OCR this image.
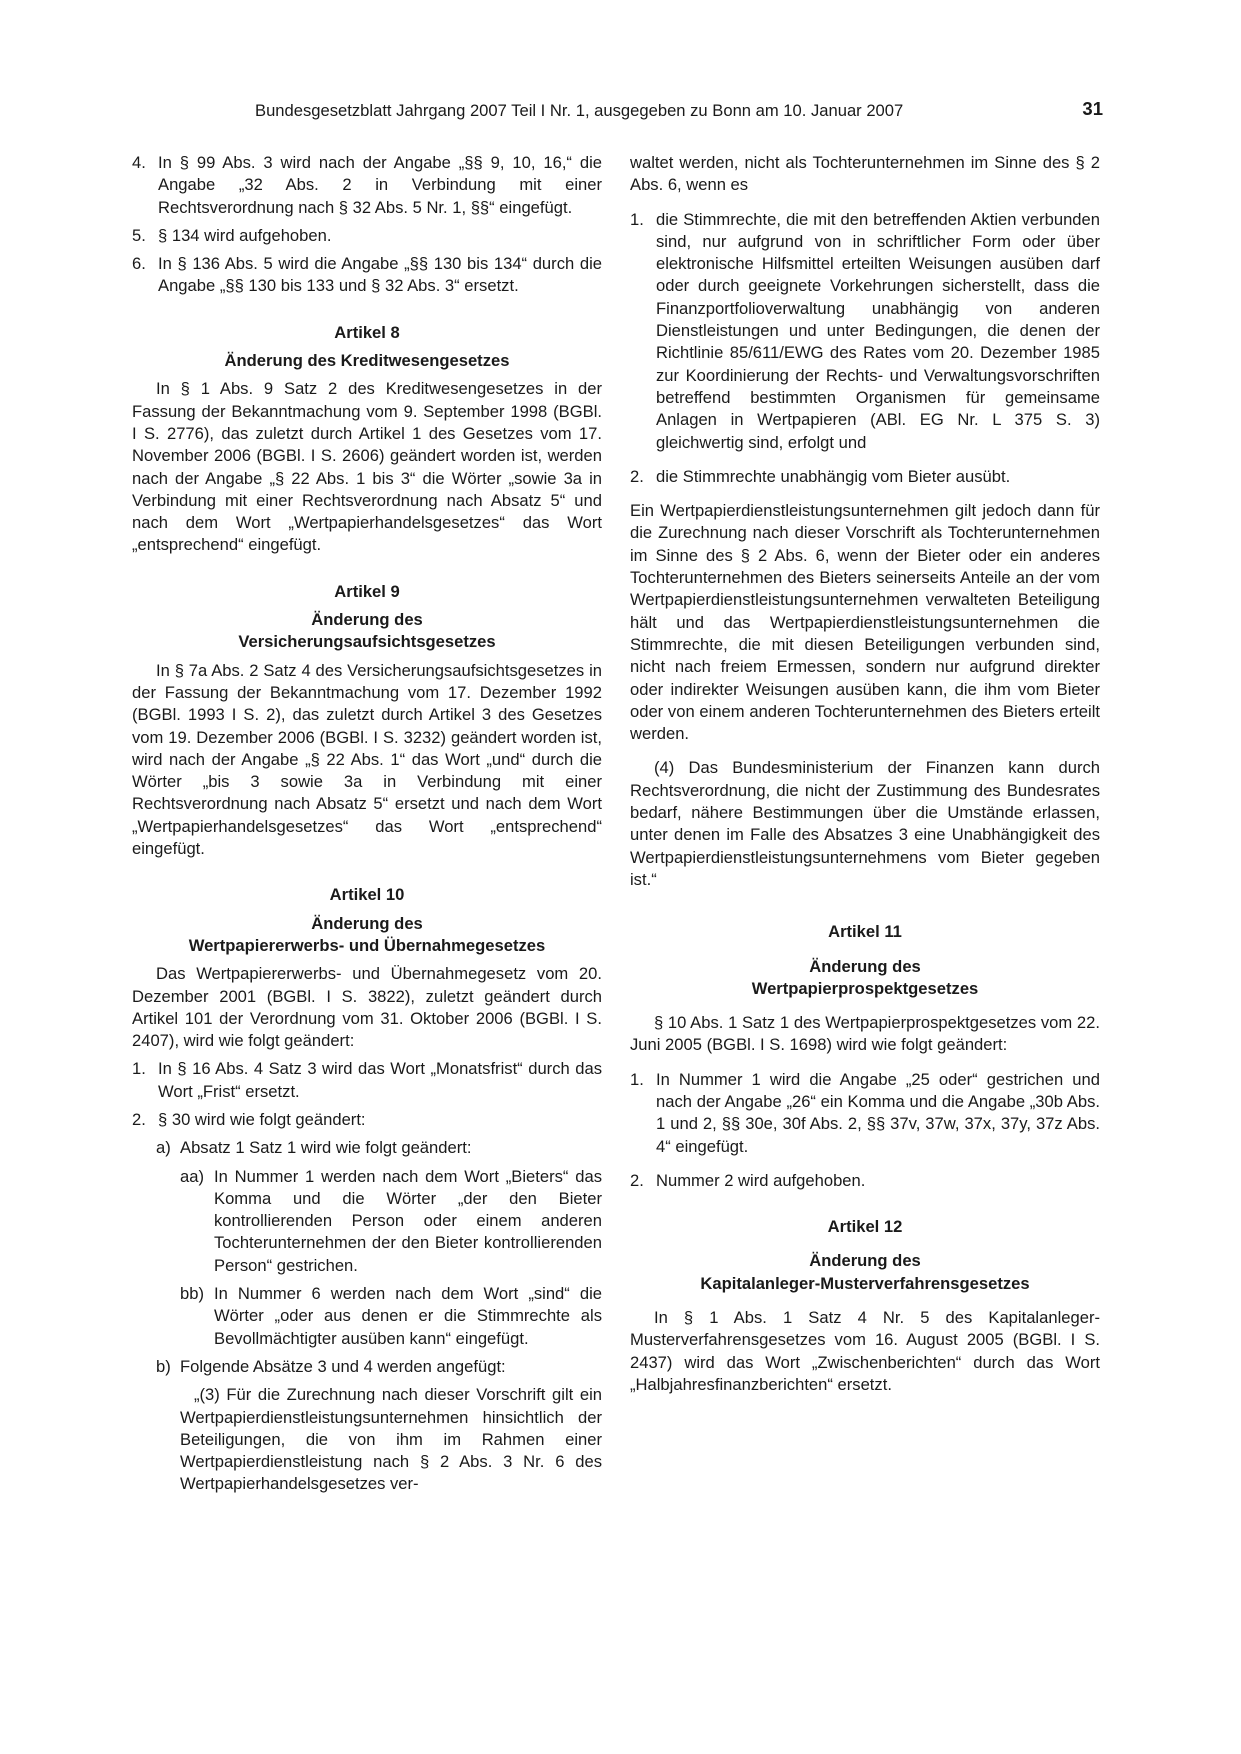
Bundesgesetzblatt Jahrgang 2007 Teil I Nr. 1, ausgegeben zu Bonn am 10. Januar 2007	31
4. In § 99 Abs. 3 wird nach der Angabe „§§ 9, 10, 16,“ die Angabe „32 Abs. 2 in Verbindung mit einer Rechtsverordnung nach § 32 Abs. 5 Nr. 1, §§“ eingefügt.
5. § 134 wird aufgehoben.
6. In § 136 Abs. 5 wird die Angabe „§§ 130 bis 134“ durch die Angabe „§§ 130 bis 133 und § 32 Abs. 3“ ersetzt.

Artikel 8

Änderung des Kreditwesengesetzes

In § 1 Abs. 9 Satz 2 des Kreditwesengesetzes in der Fassung der Bekanntmachung vom 9. September 1998 (BGBl. I S. 2776), das zuletzt durch Artikel 1 des Gesetzes vom 17. November 2006 (BGBl. I S. 2606) geändert worden ist, werden nach der Angabe „§ 22 Abs. 1 bis 3“ die Wörter „sowie 3a in Verbindung mit einer Rechtsverordnung nach Absatz 5“ und nach dem Wort „Wertpapierhandelsgesetzes“ das Wort „entsprechend“ eingefügt.

Artikel 9

Änderung des

Versicherungsaufsichtsgesetzes

In § 7a Abs. 2 Satz 4 des Versicherungsaufsichtsgesetzes in der Fassung der Bekanntmachung vom 17. Dezember 1992 (BGBl. 1993 I S. 2), das zuletzt durch Artikel 3 des Gesetzes vom 19. Dezember 2006 (BGBl. I S. 3232) geändert worden ist, wird nach der Angabe „§ 22 Abs. 1“ das Wort „und“ durch die Wörter „bis 3 sowie 3a in Verbindung mit einer Rechtsverordnung nach Absatz 5“ ersetzt und nach dem Wort „Wertpapierhandelsgesetzes“ das Wort „entsprechend“ eingefügt.

Artikel 10

Änderung des

Wertpapiererwerbs- und Übernahmegesetzes

Das Wertpapiererwerbs- und Übernahmegesetz vom 20. Dezember 2001 (BGBl. I S. 3822), zuletzt geändert durch Artikel 101 der Verordnung vom 31. Oktober 2006 (BGBl. I S. 2407), wird wie folgt geändert:

1. In § 16 Abs. 4 Satz 3 wird das Wort „Monatsfrist“ durch das Wort „Frist“ ersetzt.
2. § 30 wird wie folgt geändert:
a) Absatz 1 Satz 1 wird wie folgt geändert:
aa) In Nummer 1 werden nach dem Wort „Bieters“ das Komma und die Wörter „der den Bieter kontrollierenden Person oder einem anderen Tochterunternehmen der den Bieter kontrollierenden Person“ gestrichen.
bb) In Nummer 6 werden nach dem Wort „sind“ die Wörter „oder aus denen er die Stimmrechte als Bevollmächtigter ausüben kann“ eingefügt.
b) Folgende Absätze 3 und 4 werden angefügt:

„(3) Für die Zurechnung nach dieser Vorschrift gilt ein Wertpapierdienstleistungsunternehmen hinsichtlich der Beteiligungen, die von ihm im Rahmen einer Wertpapierdienstleistung nach § 2 Abs. 3 Nr. 6 des Wertpapierhandelsgesetzes ver-

waltet werden, nicht als Tochterunternehmen im Sinne des § 2 Abs. 6, wenn es

1. die Stimmrechte, die mit den betreffenden Aktien verbunden sind, nur aufgrund von in schriftlicher Form oder über elektronische Hilfsmittel erteilten Weisungen ausüben darf oder durch geeignete Vorkehrungen sicherstellt, dass die Finanzportfolioverwaltung unabhängig von anderen Dienstleistungen und unter Bedingungen, die denen der Richtlinie 85/611/EWG des Rates vom 20. Dezember 1985 zur Koordinierung der Rechts- und Verwaltungsvorschriften betreffend bestimmten Organismen für gemeinsame Anlagen in Wertpapieren (ABl. EG Nr. L 375 S. 3) gleichwertig sind, erfolgt und
2. die Stimmrechte unabhängig vom Bieter ausübt.

Ein Wertpapierdienstleistungsunternehmen gilt jedoch dann für die Zurechnung nach dieser Vorschrift als Tochterunternehmen im Sinne des § 2 Abs. 6, wenn der Bieter oder ein anderes Tochterunternehmen des Bieters seinerseits Anteile an der vom Wertpapierdienstleistungsunternehmen verwalteten Beteiligung hält und das Wertpapierdienstleistungsunternehmen die Stimmrechte, die mit diesen Beteiligungen verbunden sind, nicht nach freiem Ermessen, sondern nur aufgrund direkter oder indirekter Weisungen ausüben kann, die ihm vom Bieter oder von einem anderen Tochterunternehmen des Bieters erteilt werden.

(4) Das Bundesministerium der Finanzen kann durch Rechtsverordnung, die nicht der Zustimmung des Bundesrates bedarf, nähere Bestimmungen über die Umstände erlassen, unter denen im Falle des Absatzes 3 eine Unabhängigkeit des Wertpapierdienstleistungsunternehmens vom Bieter gegeben ist.“

Artikel 11

Änderung des

Wertpapierprospektgesetzes

§ 10 Abs. 1 Satz 1 des Wertpapierprospektgesetzes vom 22. Juni 2005 (BGBl. I S. 1698) wird wie folgt geändert:

1. In Nummer 1 wird die Angabe „25 oder“ gestrichen und nach der Angabe „26“ ein Komma und die Angabe „30b Abs. 1 und 2, §§ 30e, 30f Abs. 2, §§ 37v, 37w, 37x, 37y, 37z Abs. 4“ eingefügt.
2. Nummer 2 wird aufgehoben.

Artikel 12

Änderung des

Kapitalanleger-Musterverfahrensgesetzes

In § 1 Abs. 1 Satz 4 Nr. 5 des Kapitalanleger-Musterverfahrensgesetzes vom 16. August 2005 (BGBl. I S. 2437) wird das Wort „Zwischenberichten“ durch das Wort „Halbjahresfinanzberichten“ ersetzt.
